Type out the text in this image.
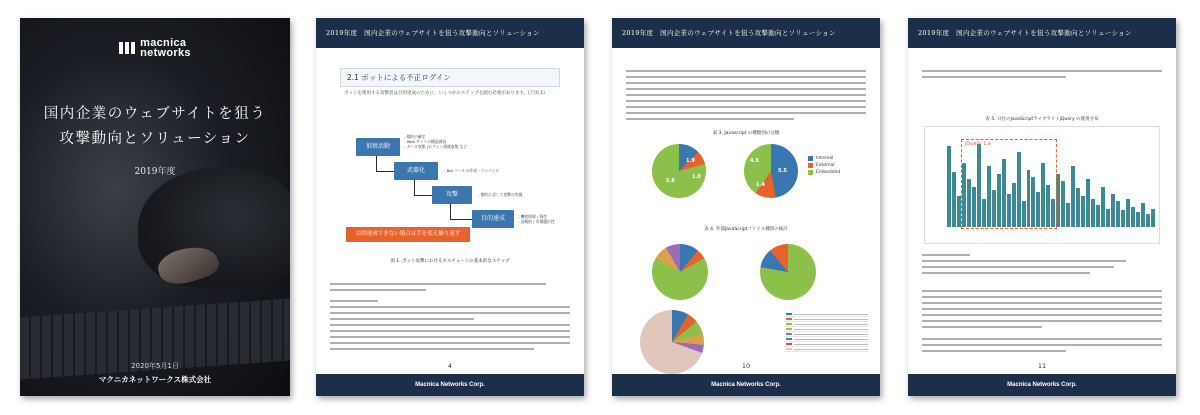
macnica
networks
国内企業のウェブサイトを狙う
攻撃動向とソリューション
2019年度
2020年5月1日
マクニカネットワークス株式会社
2019年度　国内企業のウェブサイトを狙う攻撃動向とソリューション
2.1 ボットによる不正ログイン
ボットを使用する攻撃者は目的達成のために、いくつかのステップを踏む必要があります。(下図 1)
偵察活動
武器化
攻撃
目的達成
- 標的の確定
- Web サイトの構造調査
- データ収集 (ログイン情報収集 など
- Bot ツールの作成・コンパイル
- 標的に対して攻撃の実施
- 機密情報 / 資産
- 金銭的 / 市場優位性
目的達成できない場合は手を変え繰り返す
図 1. ボット攻撃におけるキルチェーンの基本的なステップ
4
Macnica Networks Corp.
2019年度　国内企業のウェブサイトを狙う攻撃動向とソリューション
表 3. Javascript の種類別の分類
1.9
1.0
5.6
4.5
1.4
5.5
Internal
External
Embedded
表 4. 外部JavaScriptファイル種別の統計
10
Macnica Networks Corp.
2019年度　国内企業のウェブサイトを狙う攻撃動向とソリューション
表 5. 日付のJavaScriptライブラリ / jQuery の使用分布
jQuery 1.x
11
Macnica Networks Corp.
